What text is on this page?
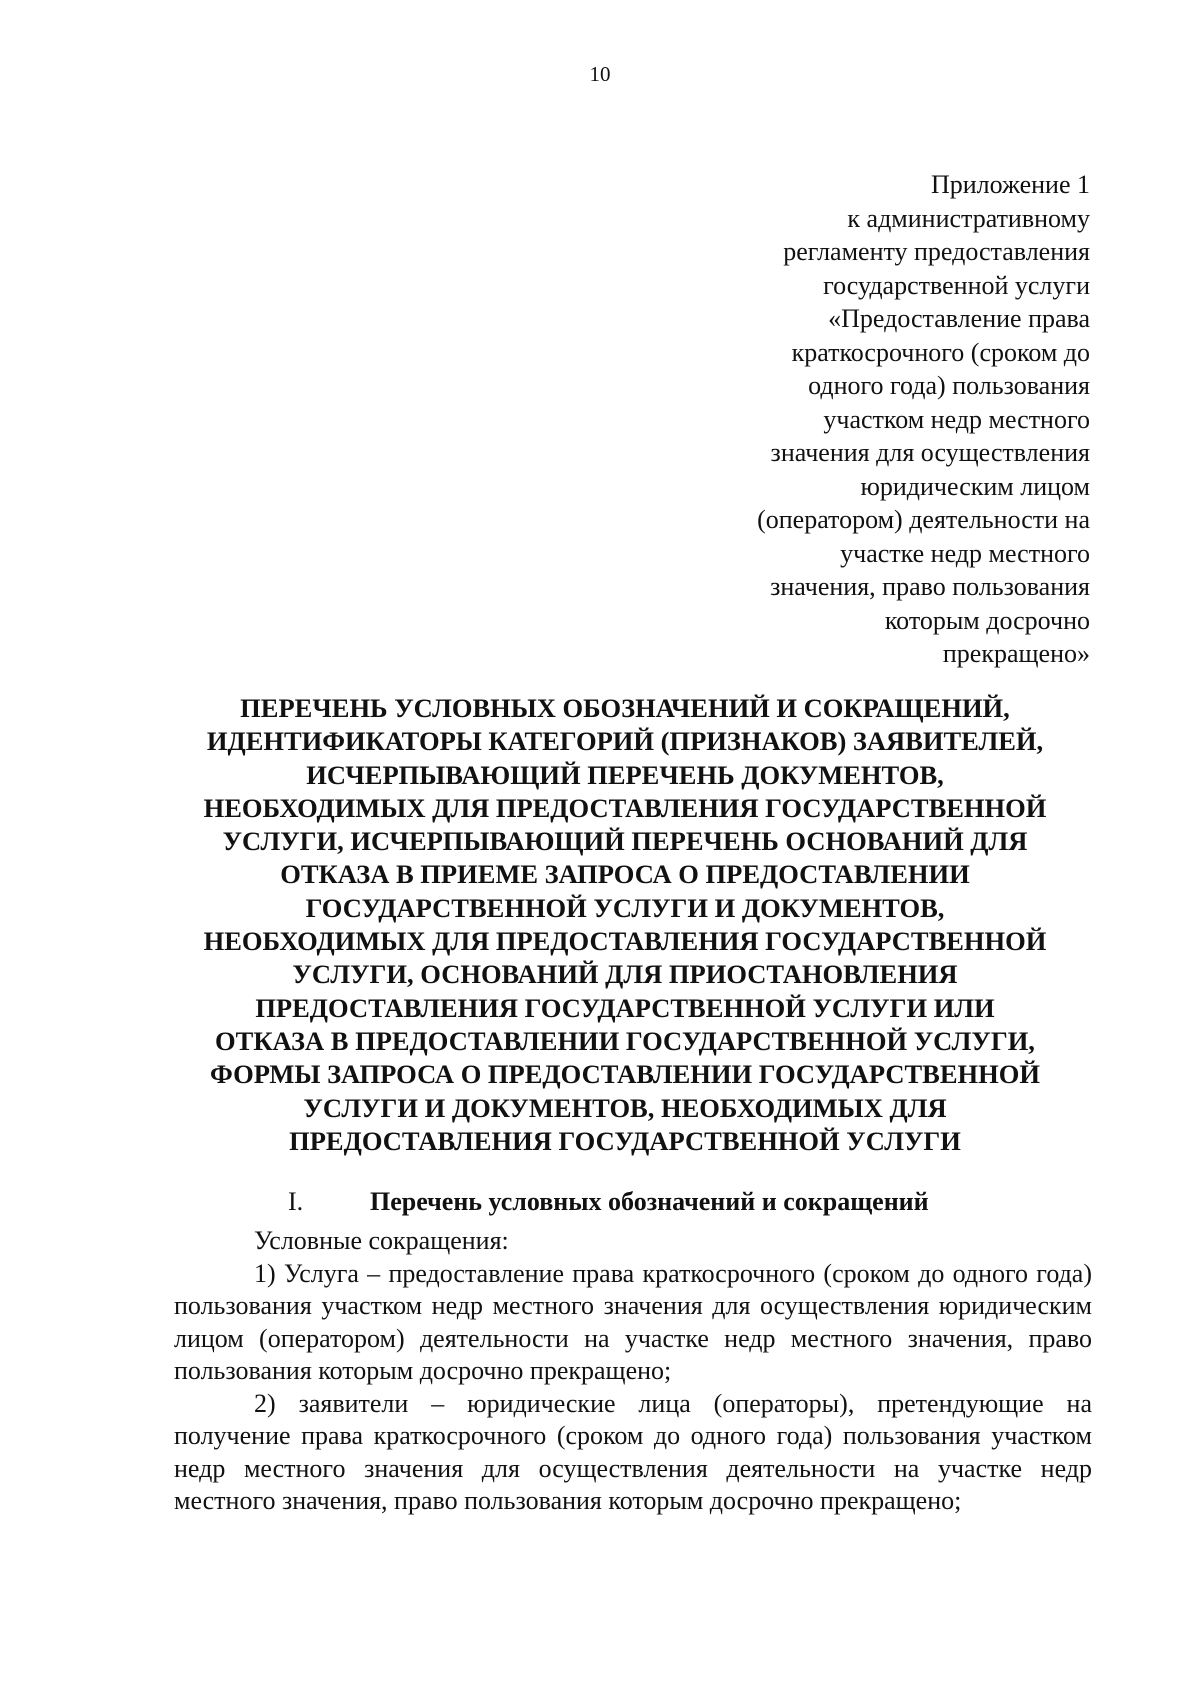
10
Приложение 1
к административному
регламенту предоставления
государственной услуги
«Предоставление права
краткосрочного (сроком до
одного года) пользования
участком недр местного
значения для осуществления
юридическим лицом
(оператором) деятельности на
участке недр местного
значения, право пользования
которым досрочно
прекращено»
ПЕРЕЧЕНЬ УСЛОВНЫХ ОБОЗНАЧЕНИЙ И СОКРАЩЕНИЙ,
ИДЕНТИФИКАТОРЫ КАТЕГОРИЙ (ПРИЗНАКОВ) ЗАЯВИТЕЛЕЙ,
ИСЧЕРПЫВАЮЩИЙ ПЕРЕЧЕНЬ ДОКУМЕНТОВ,
НЕОБХОДИМЫХ ДЛЯ ПРЕДОСТАВЛЕНИЯ ГОСУДАРСТВЕННОЙ
УСЛУГИ, ИСЧЕРПЫВАЮЩИЙ ПЕРЕЧЕНЬ ОСНОВАНИЙ ДЛЯ
ОТКАЗА В ПРИЕМЕ ЗАПРОСА О ПРЕДОСТАВЛЕНИИ
ГОСУДАРСТВЕННОЙ УСЛУГИ И ДОКУМЕНТОВ,
НЕОБХОДИМЫХ ДЛЯ ПРЕДОСТАВЛЕНИЯ ГОСУДАРСТВЕННОЙ
УСЛУГИ, ОСНОВАНИЙ ДЛЯ ПРИОСТАНОВЛЕНИЯ
ПРЕДОСТАВЛЕНИЯ ГОСУДАРСТВЕННОЙ УСЛУГИ ИЛИ
ОТКАЗА В ПРЕДОСТАВЛЕНИИ ГОСУДАРСТВЕННОЙ УСЛУГИ,
ФОРМЫ ЗАПРОСА О ПРЕДОСТАВЛЕНИИ ГОСУДАРСТВЕННОЙ
УСЛУГИ И ДОКУМЕНТОВ, НЕОБХОДИМЫХ ДЛЯ
ПРЕДОСТАВЛЕНИЯ ГОСУДАРСТВЕННОЙ УСЛУГИ
I.	Перечень условных обозначений и сокращений

Условные сокращения:

1) Услуга – предоставление права краткосрочного (сроком до одного года) пользования участком недр местного значения для осуществления юридическим лицом (оператором) деятельности на участке недр местного значения, право пользования которым досрочно прекращено;

2) заявители – юридические лица (операторы), претендующие на получение права краткосрочного (сроком до одного года) пользования участком недр местного значения для осуществления деятельности на участке недр местного значения, право пользования которым досрочно прекращено;
